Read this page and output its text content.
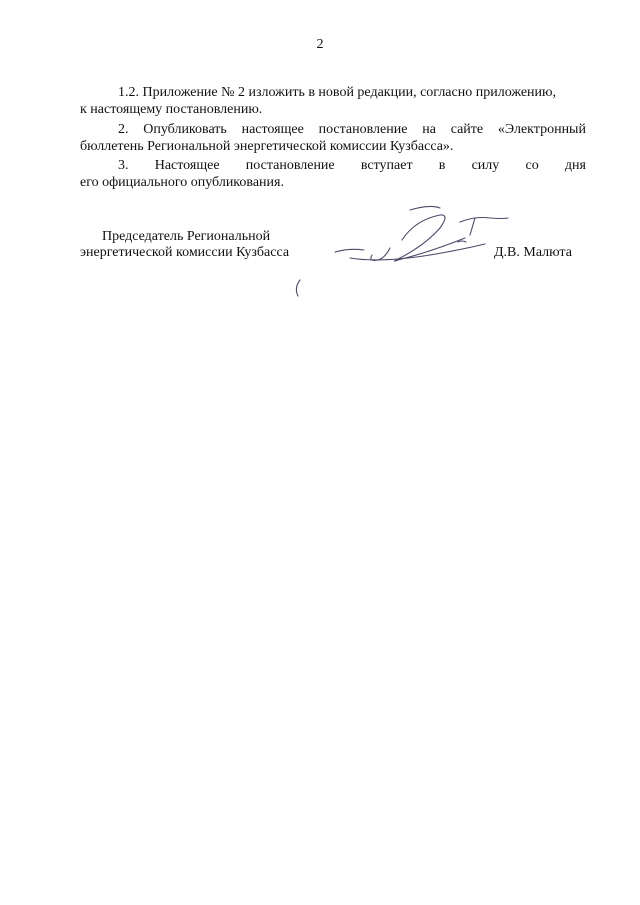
2
1.2. Приложение № 2 изложить в новой редакции, согласно приложению,
к настоящему постановлению.
2. Опубликовать настоящее постановление на сайте «Электронный
бюллетень Региональной энергетической комиссии Кузбасса».
3. Настоящее постановление вступает в силу со дня
его официального опубликования.
Председатель Региональной
энергетической комиссии Кузбасса	Д.В. Малюта
